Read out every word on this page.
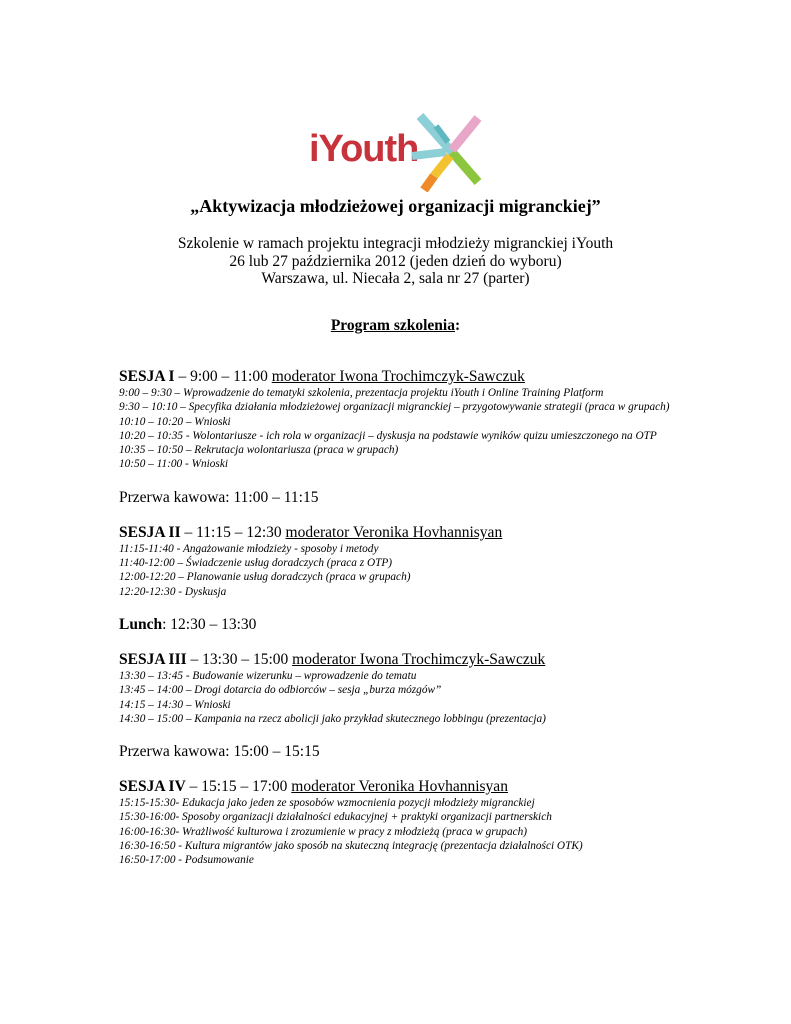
iYouth
„Aktywizacja młodzieżowej organizacji migranckiej”
Szkolenie w ramach projektu integracji młodzieży migranckiej iYouth
26 lub 27 października 2012 (jeden dzień do wyboru)
Warszawa, ul. Niecała 2, sala nr 27 (parter)
Program szkolenia:
SESJA I – 9:00 – 11:00 moderator Iwona Trochimczyk-Sawczuk
9:00 – 9:30 – Wprowadzenie do tematyki szkolenia, prezentacja projektu iYouth i Online Training Platform
9:30 – 10:10 – Specyfika działania młodzieżowej organizacji migranckiej – przygotowywanie strategii (praca w grupach)
10:10 – 10:20 – Wnioski
10:20 – 10:35 - Wolontariusze - ich rola w organizacji – dyskusja na podstawie wyników quizu umieszczonego na OTP
10:35 – 10:50 – Rekrutacja wolontariusza (praca w grupach)
10:50 – 11:00 - Wnioski
Przerwa kawowa: 11:00 – 11:15
SESJA II – 11:15 – 12:30 moderator Veronika Hovhannisyan
11:15-11:40 - Angażowanie młodzieży - sposoby i metody
11:40-12:00 – Świadczenie usług doradczych (praca z OTP)
12:00-12:20 – Planowanie usług doradczych (praca w grupach)
12:20-12:30 - Dyskusja
Lunch: 12:30 – 13:30
SESJA III – 13:30 – 15:00 moderator Iwona Trochimczyk-Sawczuk
13:30 – 13:45 - Budowanie wizerunku – wprowadzenie do tematu
13:45 – 14:00 – Drogi dotarcia do odbiorców – sesja „burza mózgów”
14:15 – 14:30 – Wnioski
14:30 – 15:00 – Kampania na rzecz abolicji jako przykład skutecznego lobbingu (prezentacja)
Przerwa kawowa: 15:00 – 15:15
SESJA IV – 15:15 – 17:00 moderator Veronika Hovhannisyan
15:15-15:30- Edukacja jako jeden ze sposobów wzmocnienia pozycji młodzieży migranckiej
15:30-16:00- Sposoby organizacji działalności edukacyjnej + praktyki organizacji partnerskich
16:00-16:30- Wrażliwość kulturowa i zrozumienie w pracy z młodzieżą (praca w grupach)
16:30-16:50 - Kultura migrantów jako sposób na skuteczną integrację (prezentacja działalności OTK)
16:50-17:00 - Podsumowanie
